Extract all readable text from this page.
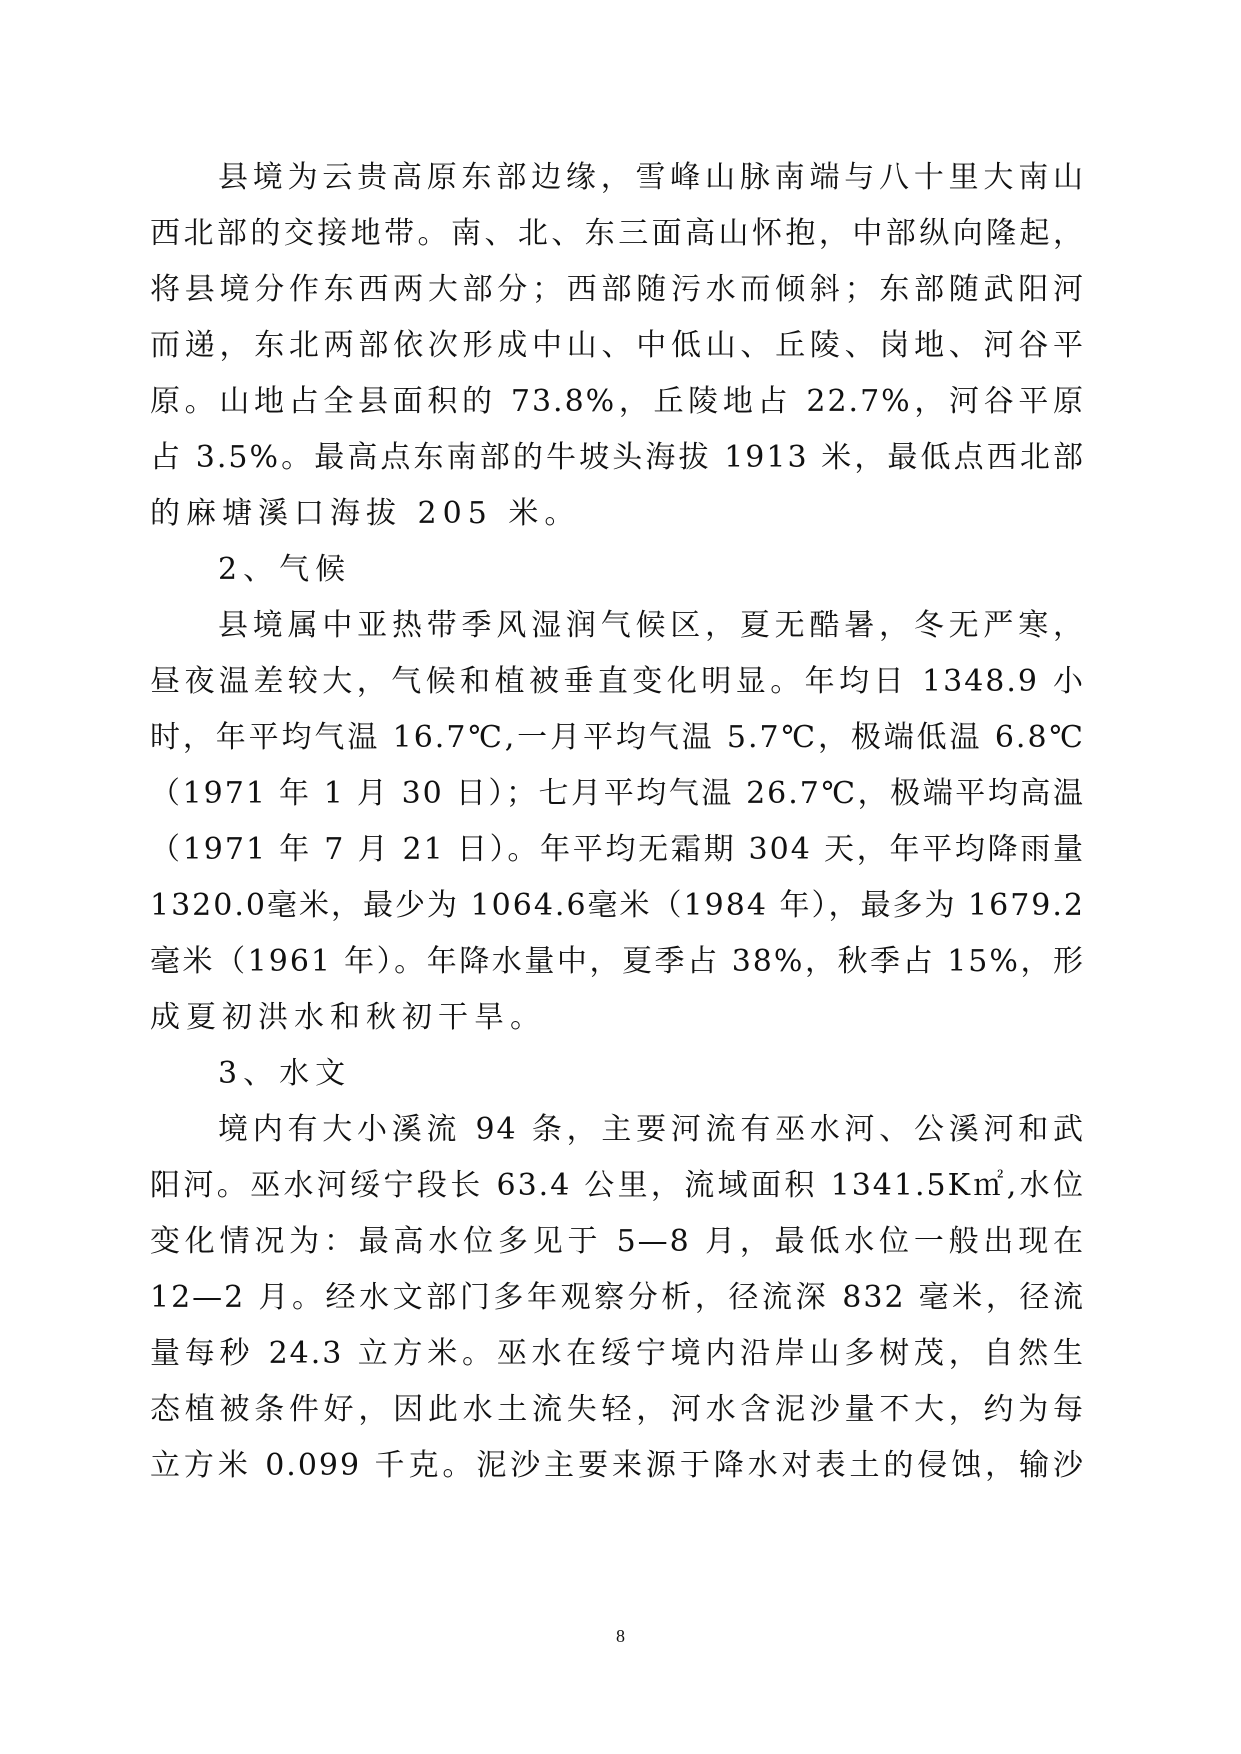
县境为云贵高原东部边缘，雪峰山脉南端与八十里大南山
西北部的交接地带。南、北、东三面高山怀抱，中部纵向隆起，
将县境分作东西两大部分；西部随污水而倾斜；东部随武阳河
而递，东北两部依次形成中山、中低山、丘陵、岗地、河谷平
原。山地占全县面积的 73.8%，丘陵地占 22.7%，河谷平原
占 3.5%。最高点东南部的牛坡头海拔 1913 米，最低点西北部
的麻塘溪口海拔 205 米。
2、气候
县境属中亚热带季风湿润气候区，夏无酷暑，冬无严寒，
昼夜温差较大，气候和植被垂直变化明显。年均日 1348.9 小
时，年平均气温 16.7℃,一月平均气温 5.7℃，极端低温 6.8℃
（1971 年 1 月 30 日）；七月平均气温 26.7℃，极端平均高温
（1971 年 7 月 21 日）。年平均无霜期 304 天，年平均降雨量
1320.0毫米，最少为 1064.6毫米（1984 年），最多为 1679.2
毫米（1961 年）。年降水量中，夏季占 38%，秋季占 15%，形
成夏初洪水和秋初干旱。
3、水文
境内有大小溪流 94 条，主要河流有巫水河、公溪河和武
阳河。巫水河绥宁段长 63.4 公里，流域面积 1341.5K㎡,水位
变化情况为：最高水位多见于 5—8 月，最低水位一般出现在
12—2 月。经水文部门多年观察分析，径流深 832 毫米，径流
量每秒 24.3 立方米。巫水在绥宁境内沿岸山多树茂，自然生
态植被条件好，因此水土流失轻，河水含泥沙量不大，约为每
立方米 0.099 千克。泥沙主要来源于降水对表土的侵蚀，输沙
8
